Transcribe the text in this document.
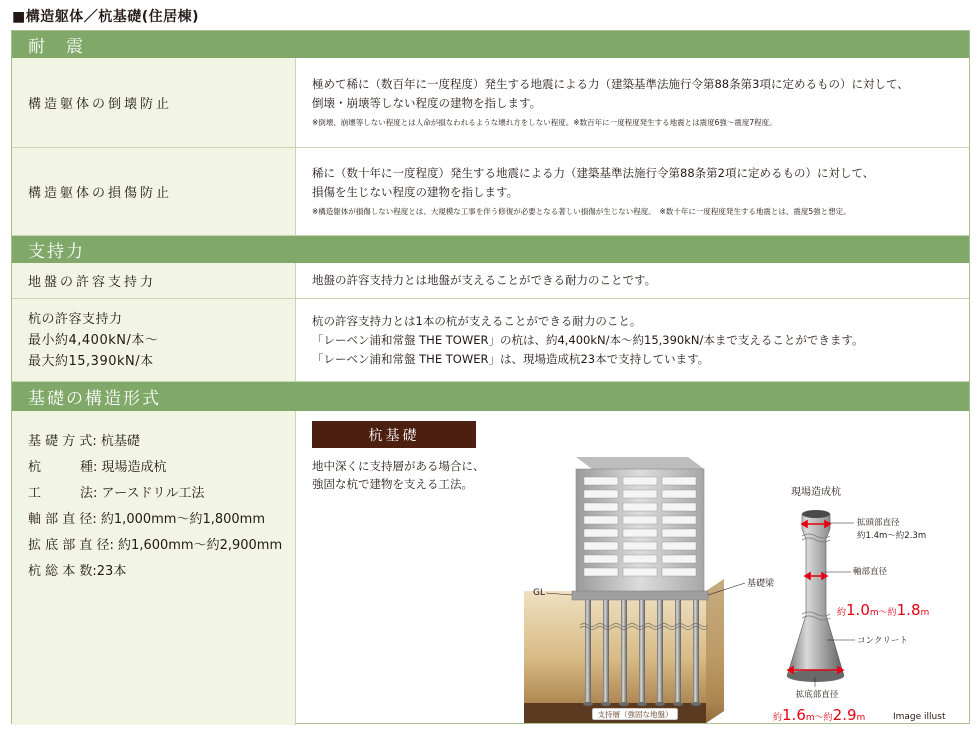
■構造躯体／杭基礎(住居棟)
耐　震
構造躯体の倒壊防止
極めて稀に（数百年に一度程度）発生する地震による力（建築基準法施行令第88条第3項に定めるもの）に対して、
倒壊・崩壊等しない程度の建物を指します。
※倒壊、崩壊等しない程度とは人命が損なわれるような壊れ方をしない程度。※数百年に一度程度発生する地震とは震度6強～震度7程度。
構造躯体の損傷防止
稀に（数十年に一度程度）発生する地震による力（建築基準法施行令第88条第2項に定めるもの）に対して、
損傷を生じない程度の建物を指します。
※構造躯体が損傷しない程度とは、大規模な工事を伴う修復が必要となる著しい損傷が生じない程度。　※数十年に一度程度発生する地震とは、震度5強と想定。
支持力
地盤の許容支持力	地盤の許容支持力とは地盤が支えることができる耐力のことです。
杭の許容支持力
最小約4,400kN/本～
最大約15,390kN/本
杭の許容支持力とは1本の杭が支えることができる耐力のこと。
「レーベン浦和常盤 THE TOWER」の杭は、約4,400kN/本～約15,390kN/本まで支えることができます。
「レーベン浦和常盤 THE TOWER」は、現場造成杭23本で支持しています。
基礎の構造形式
基 礎 方 式: 杭基礎
杭　　　種: 現場造成杭
工　　　法: アースドリル工法
軸 部 直 径: 約1,000mm～約1,800mm
拡 底 部 直 径: 約1,600mm～約2,900mm
杭 総 本 数:23本
杭基礎
地中深くに支持層がある場合に、
強固な杭で建物を支える工法。
支持層（強固な地盤）
GL
基礎梁
現場造成杭
拡頭部直径
約1.4m～約2.3m
軸部直径
約1.0m～約1.8m
コンクリート
拡底部直径
約1.6m～約2.9m	Image illust
